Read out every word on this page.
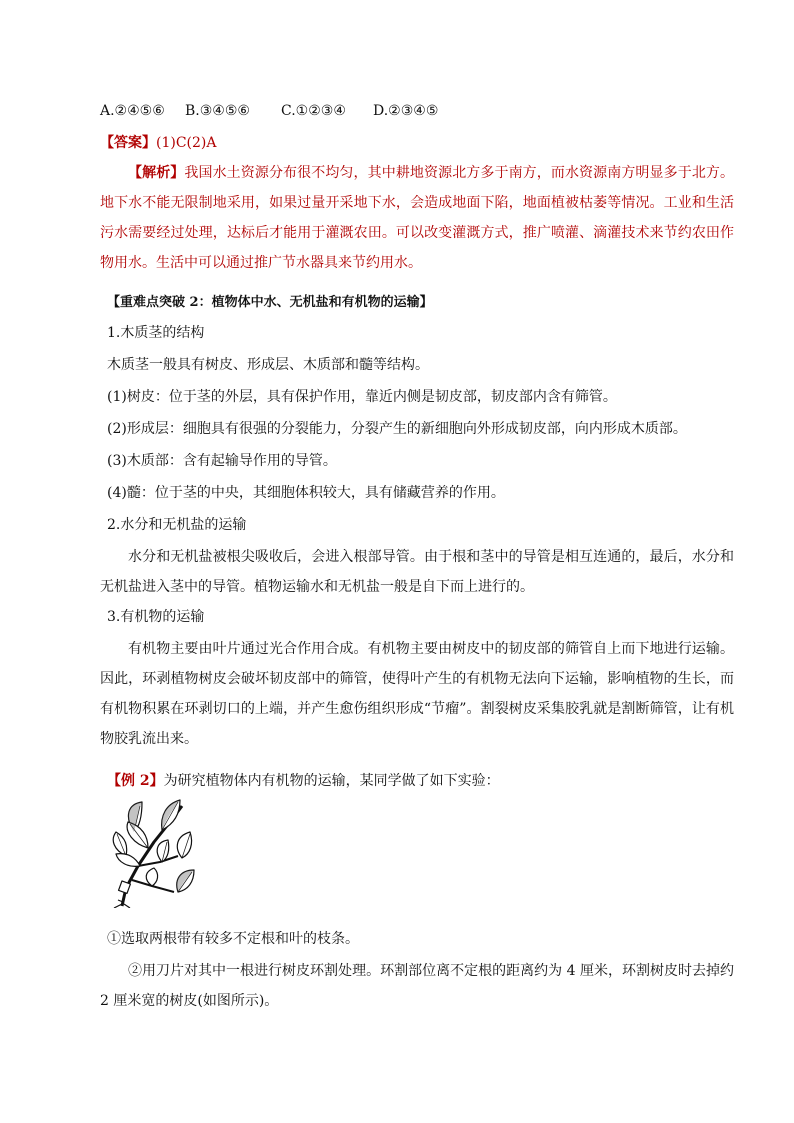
A.②④⑤⑥ B.③④⑤⑥ C.①②③④ D.②③④⑤
【答案】(1)C(2)A
【解析】我国水土资源分布很不均匀，其中耕地资源北方多于南方，而水资源南方明显多于北方。地下水不能无限制地采用，如果过量开采地下水，会造成地面下陷，地面植被枯萎等情况。工业和生活污水需要经过处理，达标后才能用于灌溉农田。可以改变灌溉方式，推广喷灌、滴灌技术来节约农田作物用水。生活中可以通过推广节水器具来节约用水。
【重难点突破 2：植物体中水、无机盐和有机物的运输】
1.木质茎的结构
木质茎一般具有树皮、形成层、木质部和髓等结构。
(1)树皮：位于茎的外层，具有保护作用，靠近内侧是韧皮部，韧皮部内含有筛管。
(2)形成层：细胞具有很强的分裂能力，分裂产生的新细胞向外形成韧皮部，向内形成木质部。
(3)木质部：含有起输导作用的导管。
(4)髓：位于茎的中央，其细胞体积较大，具有储藏营养的作用。
2.水分和无机盐的运输
水分和无机盐被根尖吸收后，会进入根部导管。由于根和茎中的导管是相互连通的，最后，水分和无机盐进入茎中的导管。植物运输水和无机盐一般是自下而上进行的。
3.有机物的运输
有机物主要由叶片通过光合作用合成。有机物主要由树皮中的韧皮部的筛管自上而下地进行运输。因此，环剥植物树皮会破坏韧皮部中的筛管，使得叶产生的有机物无法向下运输，影响植物的生长，而有机物积累在环剥切口的上端，并产生愈伤组织形成“节瘤”。割裂树皮采集胶乳就是割断筛管，让有机物胶乳流出来。
【例 2】为研究植物体内有机物的运输，某同学做了如下实验：
①选取两根带有较多不定根和叶的枝条。
②用刀片对其中一根进行树皮环割处理。环割部位离不定根的距离约为 4 厘米，环割树皮时去掉约 2 厘米宽的树皮(如图所示)。
